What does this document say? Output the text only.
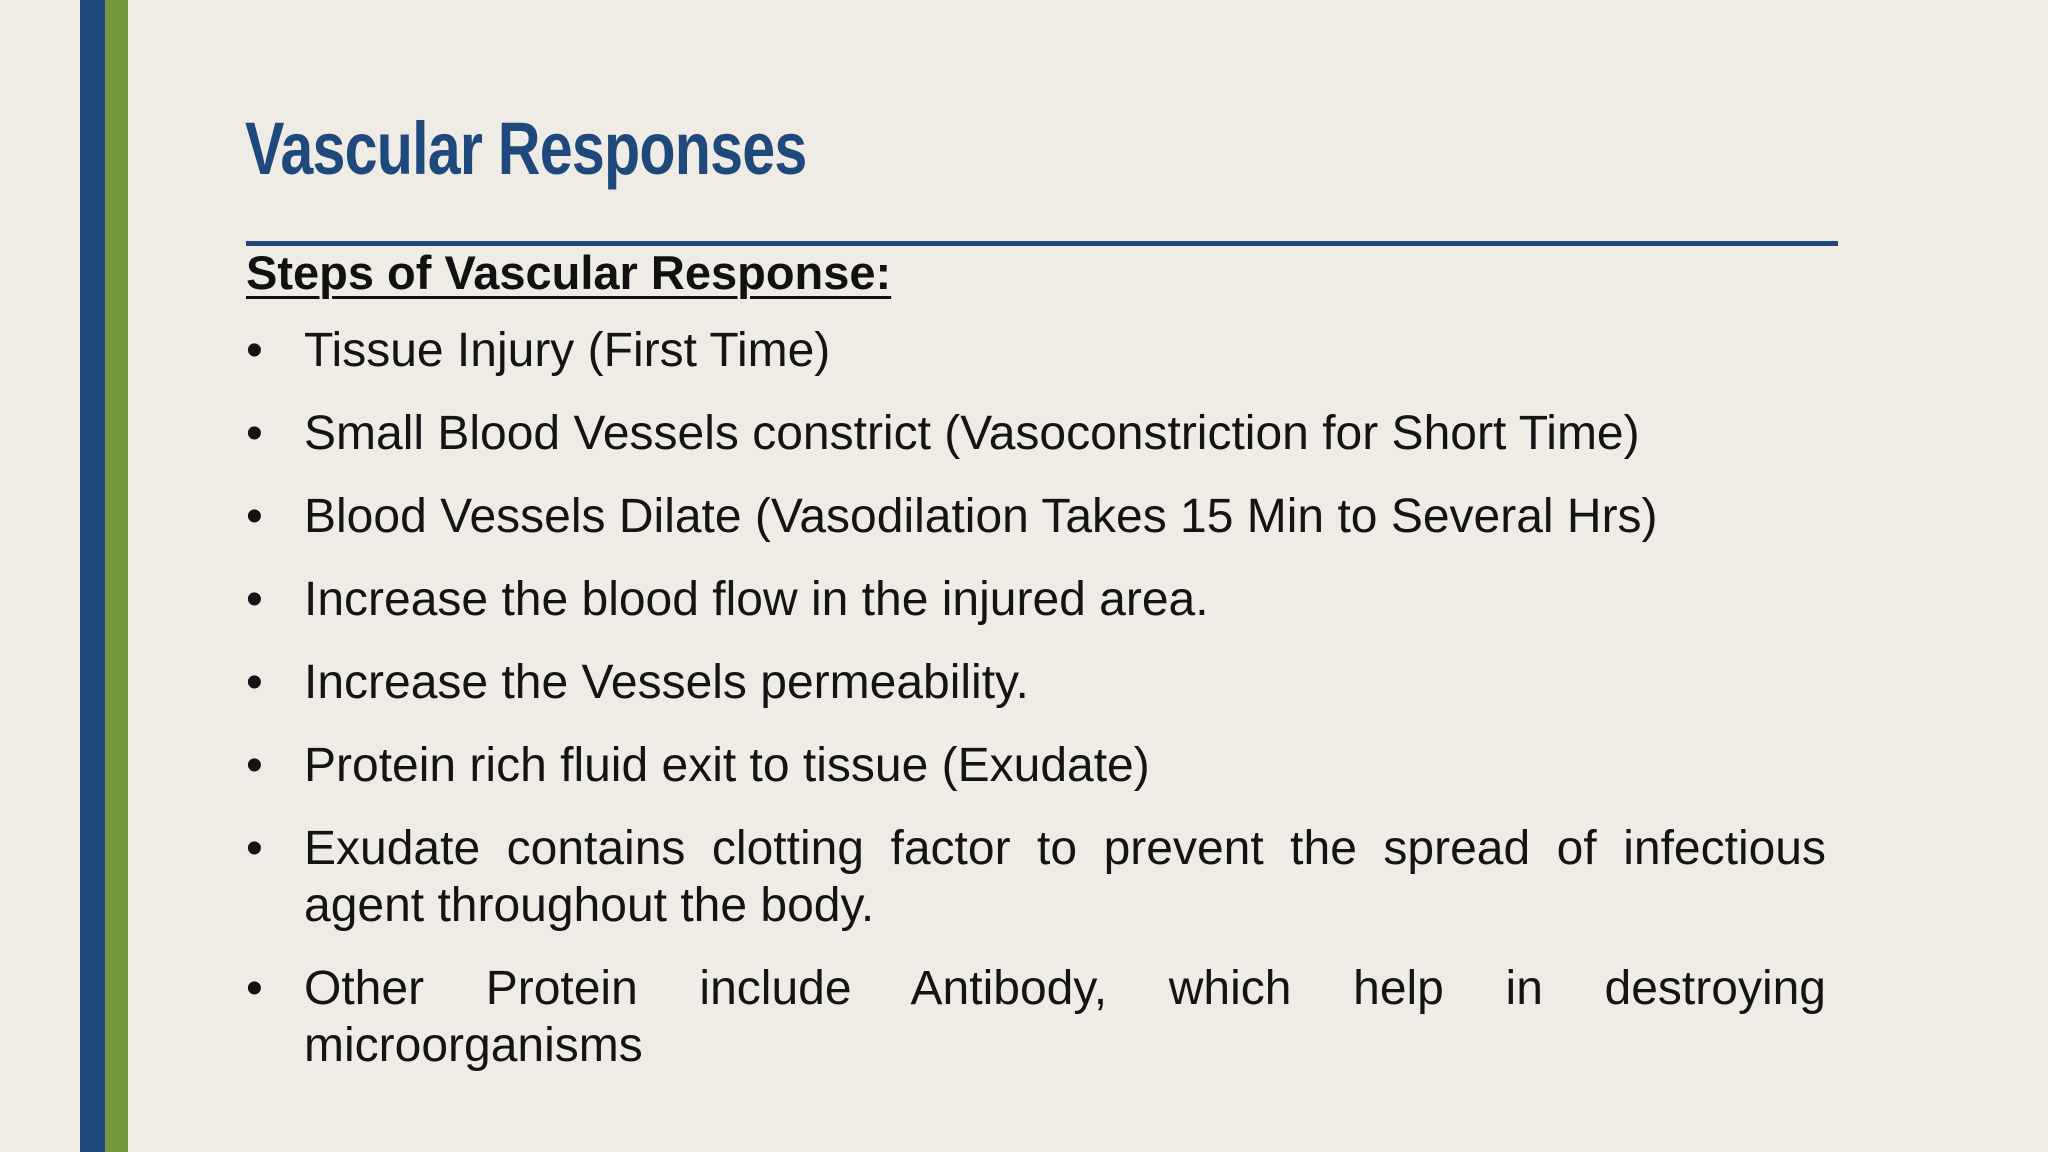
Vascular Responses
Steps of Vascular Response:
• Tissue Injury (First Time)
• Small Blood Vessels constrict (Vasoconstriction for Short Time)
• Blood Vessels Dilate (Vasodilation Takes 15 Min to Several Hrs)
• Increase the blood flow in the injured area.
• Increase the Vessels permeability.
• Protein rich fluid exit to tissue (Exudate)
• Exudate contains clotting factor to prevent the spread of infectious agent throughout the body.
• Other Protein include Antibody, which help in destroying microorganisms
